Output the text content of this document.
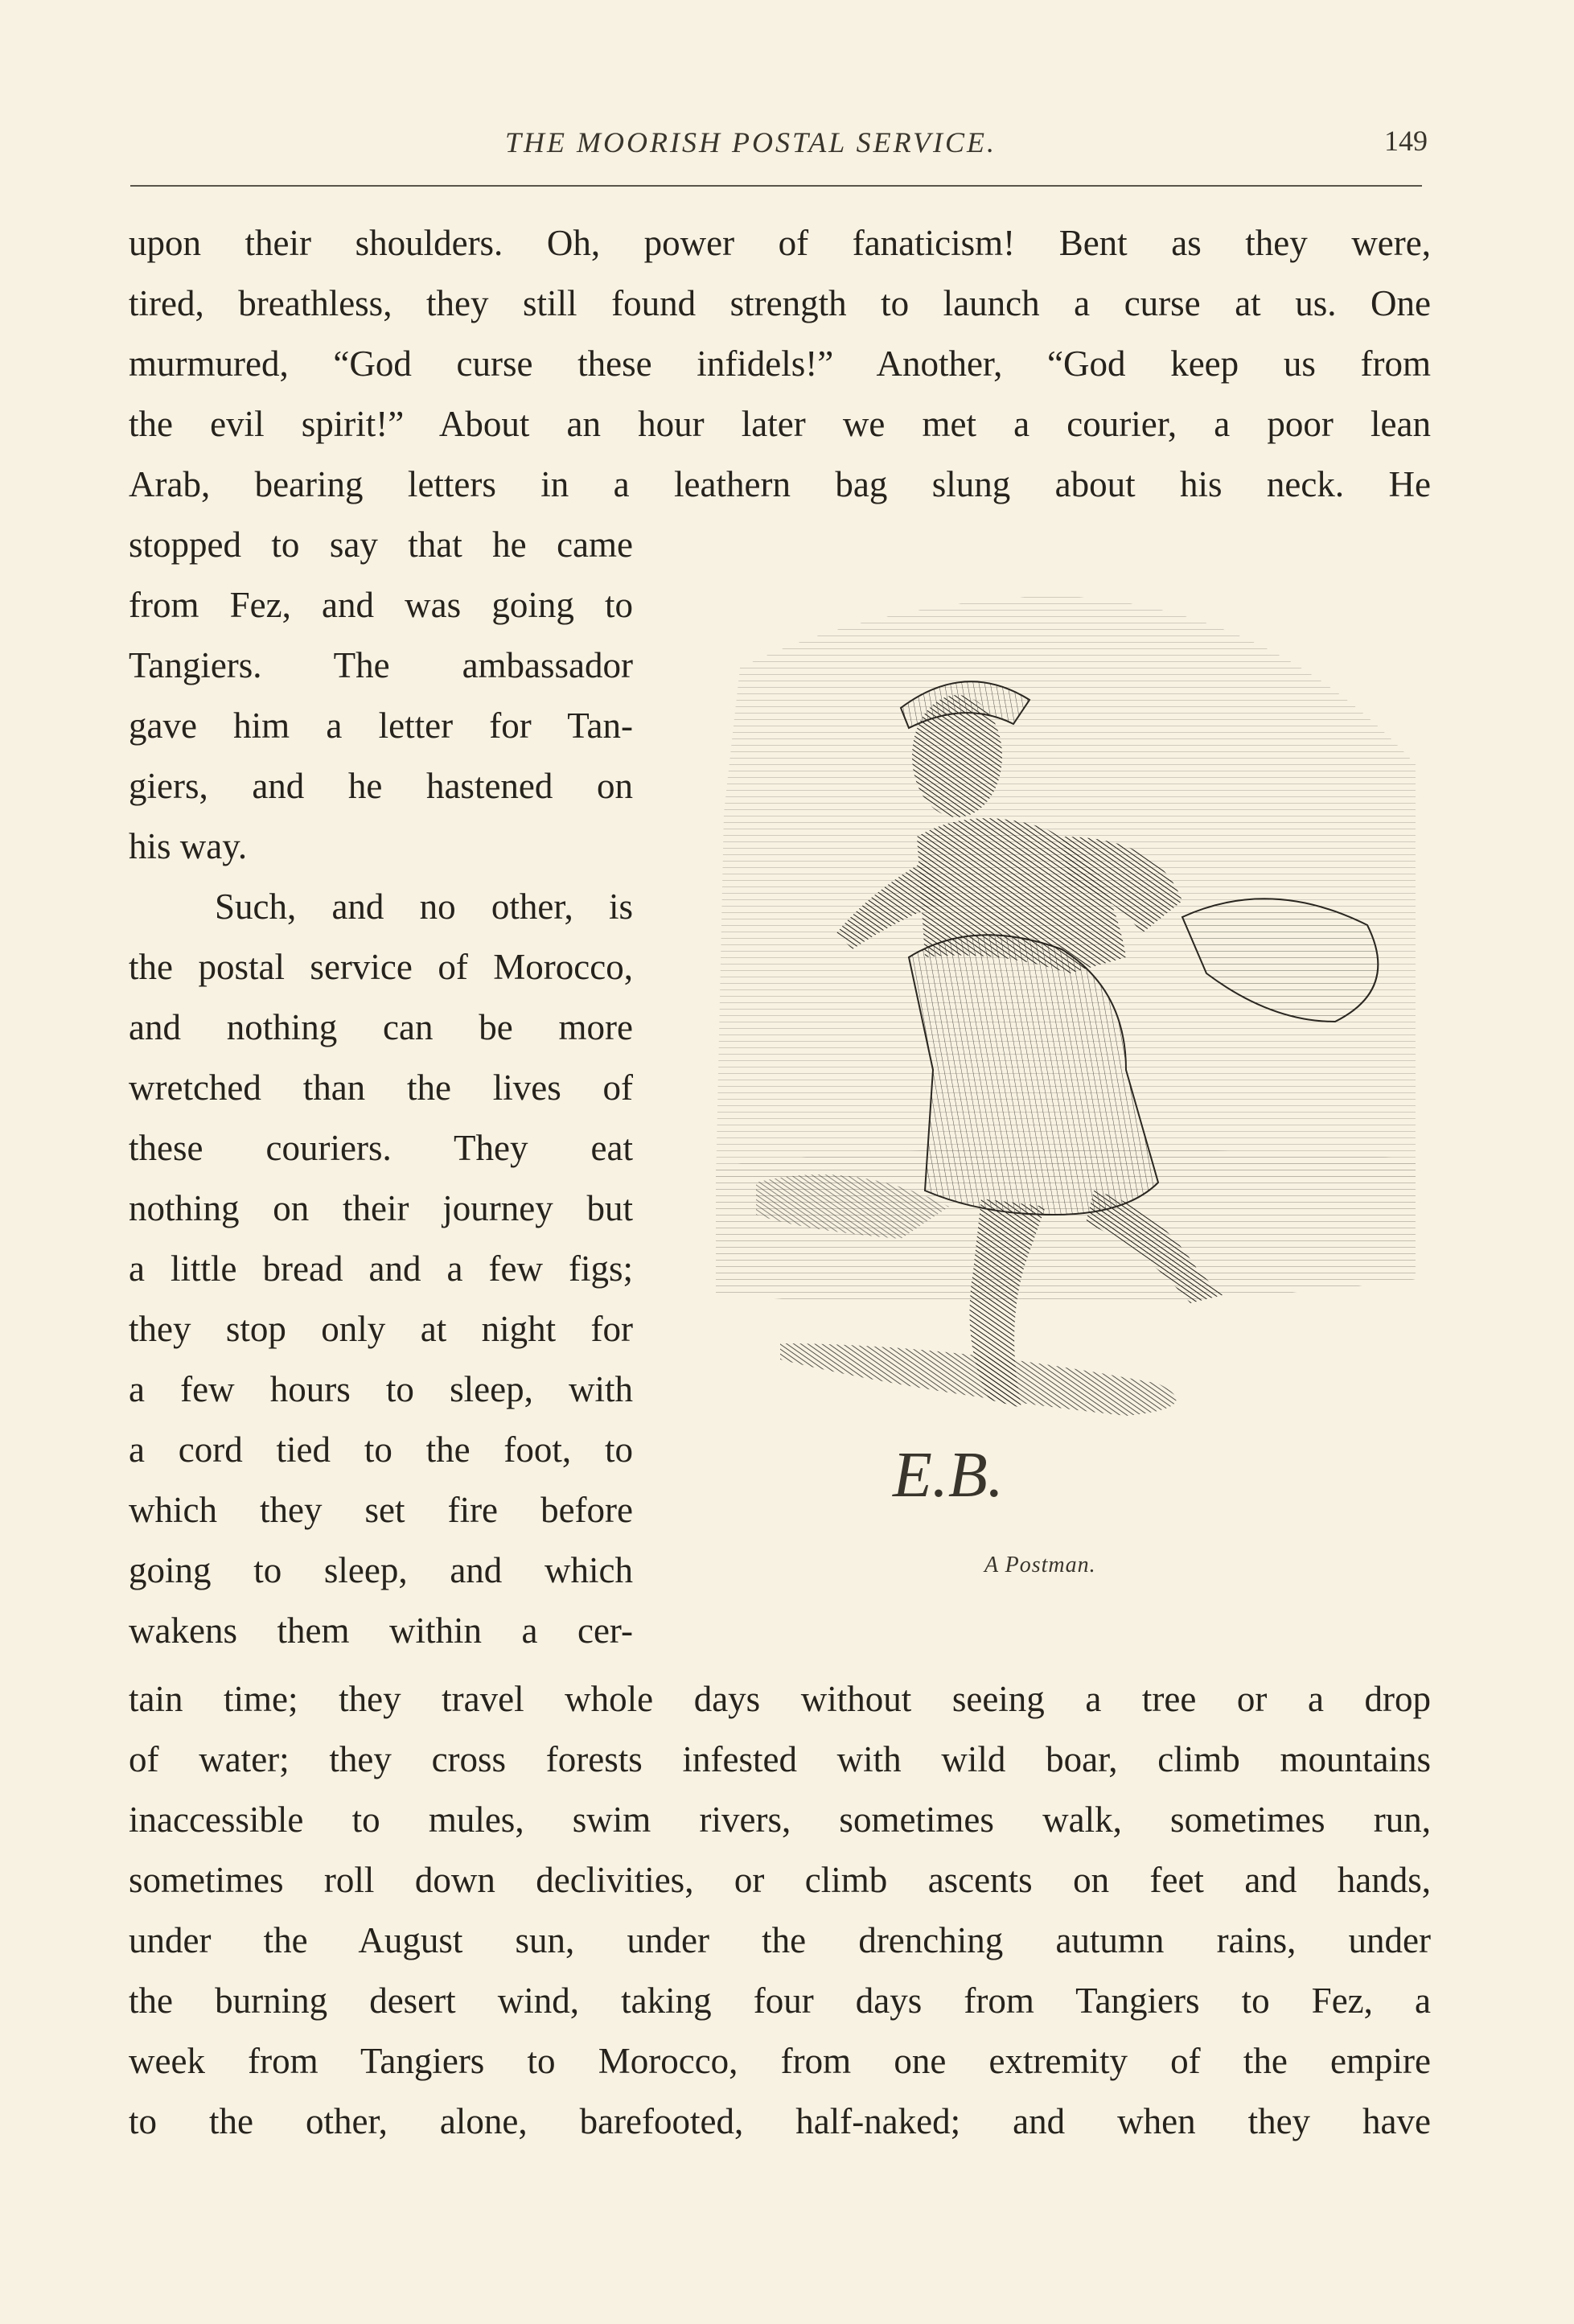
THE MOORISH POSTAL SERVICE.	149
upon their shoulders. Oh, power of fanaticism! Bent as they were,
tired, breathless, they still found strength to launch a curse at us. One
murmured, “God curse these infidels!” Another, “God keep us from
the evil spirit!” About an hour later we met a courier, a poor lean
Arab, bearing letters in a leathern bag slung about his neck. He
stopped to say that he came
from Fez, and was going to
Tangiers. The ambassador
gave him a letter for Tan-
giers, and he hastened on
his way.
Such, and no other, is
the postal service of Morocco,
and nothing can be more
wretched than the lives of
these couriers. They eat
nothing on their journey but
a little bread and a few figs;
they stop only at night for
a few hours to sleep, with
a cord tied to the foot, to
which they set fire before
going to sleep, and which
wakens them within a cer-
tain time; they travel whole days without seeing a tree or a drop
of water; they cross forests infested with wild boar, climb mountains
inaccessible to mules, swim rivers, sometimes walk, sometimes run,
sometimes roll down declivities, or climb ascents on feet and hands,
under the August sun, under the drenching autumn rains, under
the burning desert wind, taking four days from Tangiers to Fez, a
week from Tangiers to Morocco, from one extremity of the empire
to the other, alone, barefooted, half-naked; and when they have
E.B.
A Postman.
